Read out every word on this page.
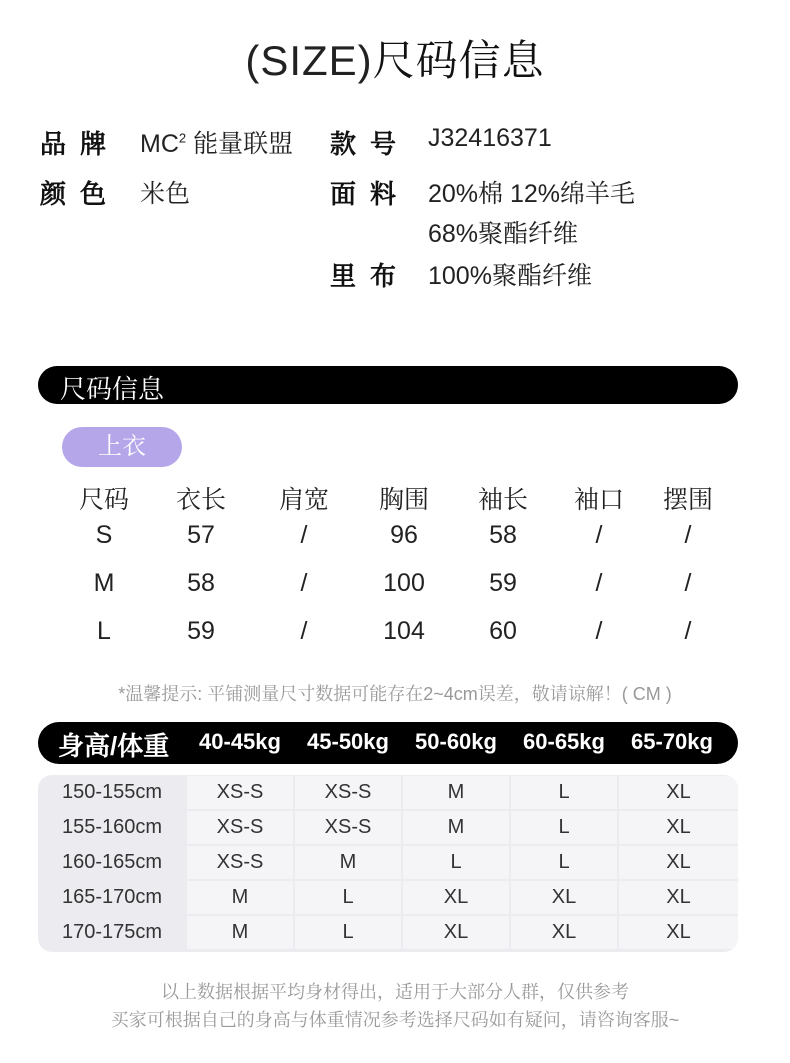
(SIZE)尺码信息
品牌 $MC^2$ 能量联盟 款号 J32416371
颜色 米色	面料 20%棉 12%绵羊毛
68%聚酯纤维
里布 100%聚酯纤维
尺码信息
上衣
尺码	衣长	肩宽	胸围	袖长	袖口	摆围
S	57	/	96	58	/	/
M	58	/	100	59	/	/
L	59	/	104	60	/	/
*温馨提示: 平铺测量尺寸数据可能存在2~4cm误差，敬请谅解！( CM )
身高/体重	40-45kg	45-50kg	50-60kg	60-65kg	65-70kg
150-155cm	XS-S	XS-S	M	L	XL
155-160cm	XS-S	XS-S	M	L	XL
160-165cm	XS-S	M	L	L	XL
165-170cm	M	L	XL	XL	XL
170-175cm	M	L	XL	XL	XL
以上数据根据平均身材得出，适用于大部分人群，仅供参考
买家可根据自己的身高与体重情况参考选择尺码如有疑问，请咨询客服~
